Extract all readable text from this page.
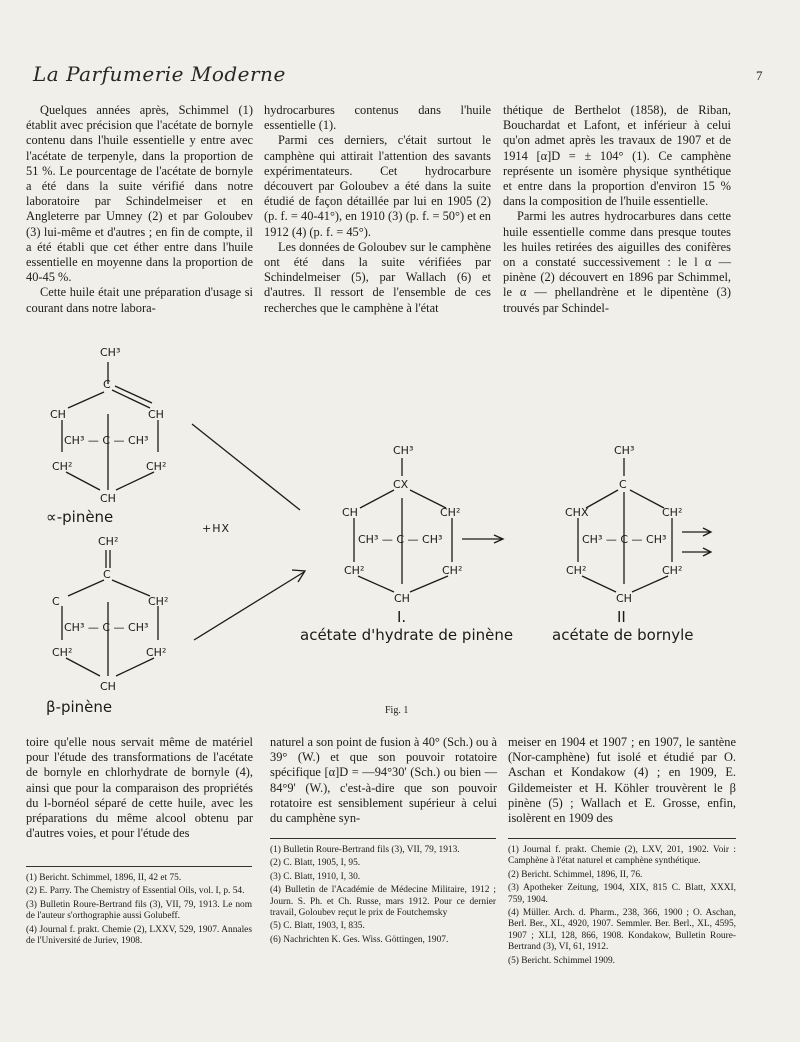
La Parfumerie Moderne	7

Quelques années après, Schimmel (1) établit avec précision que l'acétate de bornyle contenu dans l'huile essentielle y entre avec l'acétate de terpenyle, dans la proportion de 51 %. Le pourcentage de l'acétate de bornyle a été dans la suite vérifié dans notre laboratoire par Schindelmeiser et en Angleterre par Umney (2) et par Goloubev (3) lui-même et d'autres ; en fin de compte, il a été établi que cet éther entre dans l'huile essentielle en moyenne dans la proportion de 40-45 %.

Cette huile était une préparation d'usage si courant dans notre labora-

hydrocarbures contenus dans l'huile essentielle (1).

Parmi ces derniers, c'était surtout le camphène qui attirait l'attention des savants expérimentateurs. Cet hydrocarbure découvert par Goloubev a été dans la suite étudié de façon détaillée par lui en 1905 (2) (p. f. = 40-41°), en 1910 (3) (p. f. = 50°) et en 1912 (4) (p. f. = 45°).

Les données de Goloubev sur le camphène ont été dans la suite vérifiées par Schindelmeiser (5), par Wallach (6) et d'autres. Il ressort de l'ensemble de ces recherches que le camphène à l'état

thétique de Berthelot (1858), de Riban, Bouchardat et Lafont, et inférieur à celui qu'on admet après les travaux de 1907 et de 1914 [α]D = ± 104° (1). Ce camphène représente un isomère physique synthétique et entre dans la proportion d'environ 15 % dans la composition de l'huile essentielle.

Parmi les autres hydrocarbures dans cette huile essentielle comme dans presque toutes les huiles retirées des aiguilles des conifères on a constaté successivement : le l α — pinène (2) découvert en 1896 par Schimmel, le α — phellandrène et le dipentène (3) trouvés par Schindel-

CH³
C
CH	CH
CH³ — C — CH³
CH²	CH²
CH
∝-pinène
CH²
C
C	CH²
CH³ — C — CH³
CH²	CH²
CH
β-pinène
+HX
CH³
CX
CH	CH²
CH³ — C — CH³
CH²	CH²
CH
I.
acétate d'hydrate de pinène
CH³
C
CHX	CH²
CH³ — C — CH³
CH²	CH²
CH
II
acétate de bornyle
Fig. 1

toire qu'elle nous servait même de matériel pour l'étude des transformations de l'acétate de bornyle en chlorhydrate de bornyle (4), ainsi que pour la comparaison des propriétés du l-bornéol séparé de cette huile, avec les préparations du même alcool obtenu par d'autres voies, et pour l'étude des

naturel a son point de fusion à 40° (Sch.) ou à 39° (W.) et que son pouvoir rotatoire spécifique [α]D = —94°30' (Sch.) ou bien —84°9' (W.), c'est-à-dire que son pouvoir rotatoire est sensiblement supérieur à celui du camphène syn-

meiser en 1904 et 1907 ; en 1907, le santène (Nor-camphène) fut isolé et étudié par O. Aschan et Kondakow (4) ; en 1909, E. Gildemeister et H. Köhler trouvèrent le β pinène (5) ; Wallach et E. Grosse, enfin, isolèrent en 1909 des

(1) Bericht. Schimmel, 1896, II, 42 et 75.
(2) E. Parry. The Chemistry of Essential Oils, vol. I, p. 54.
(3) Bulletin Roure-Bertrand fils (3), VII, 79, 1913. Le nom de l'auteur s'orthographie aussi Golubeff.
(4) Journal f. prakt. Chemie (2), LXXV, 529, 1907. Annales de l'Université de Juriev, 1908.
(1) Bulletin Roure-Bertrand fils (3), VII, 79, 1913.
(2) C. Blatt, 1905, I, 95.
(3) C. Blatt, 1910, I, 30.
(4) Bulletin de l'Académie de Médecine Militaire, 1912 ; Journ. S. Ph. et Ch. Russe, mars 1912. Pour ce dernier travail, Goloubev reçut le prix de Foutchemsky
(5) C. Blatt, 1903, I, 835.
(6) Nachrichten K. Ges. Wiss. Göttingen, 1907.
(1) Journal f. prakt. Chemie (2), LXV, 201, 1902. Voir : Camphène à l'état naturel et camphène synthétique.
(2) Bericht. Schimmel, 1896, II, 76.
(3) Apotheker Zeitung, 1904, XIX, 815 C. Blatt, XXXI, 759, 1904.
(4) Müller. Arch. d. Pharm., 238, 366, 1900 ; O. Aschan, Berl. Ber., XL, 4920, 1907. Semmler. Ber. Berl., XL, 4595, 1907 ; XLI, 128, 866, 1908. Kondakow, Bulletin Roure-Bertrand (3), VI, 61, 1912.
(5) Bericht. Schimmel 1909.
